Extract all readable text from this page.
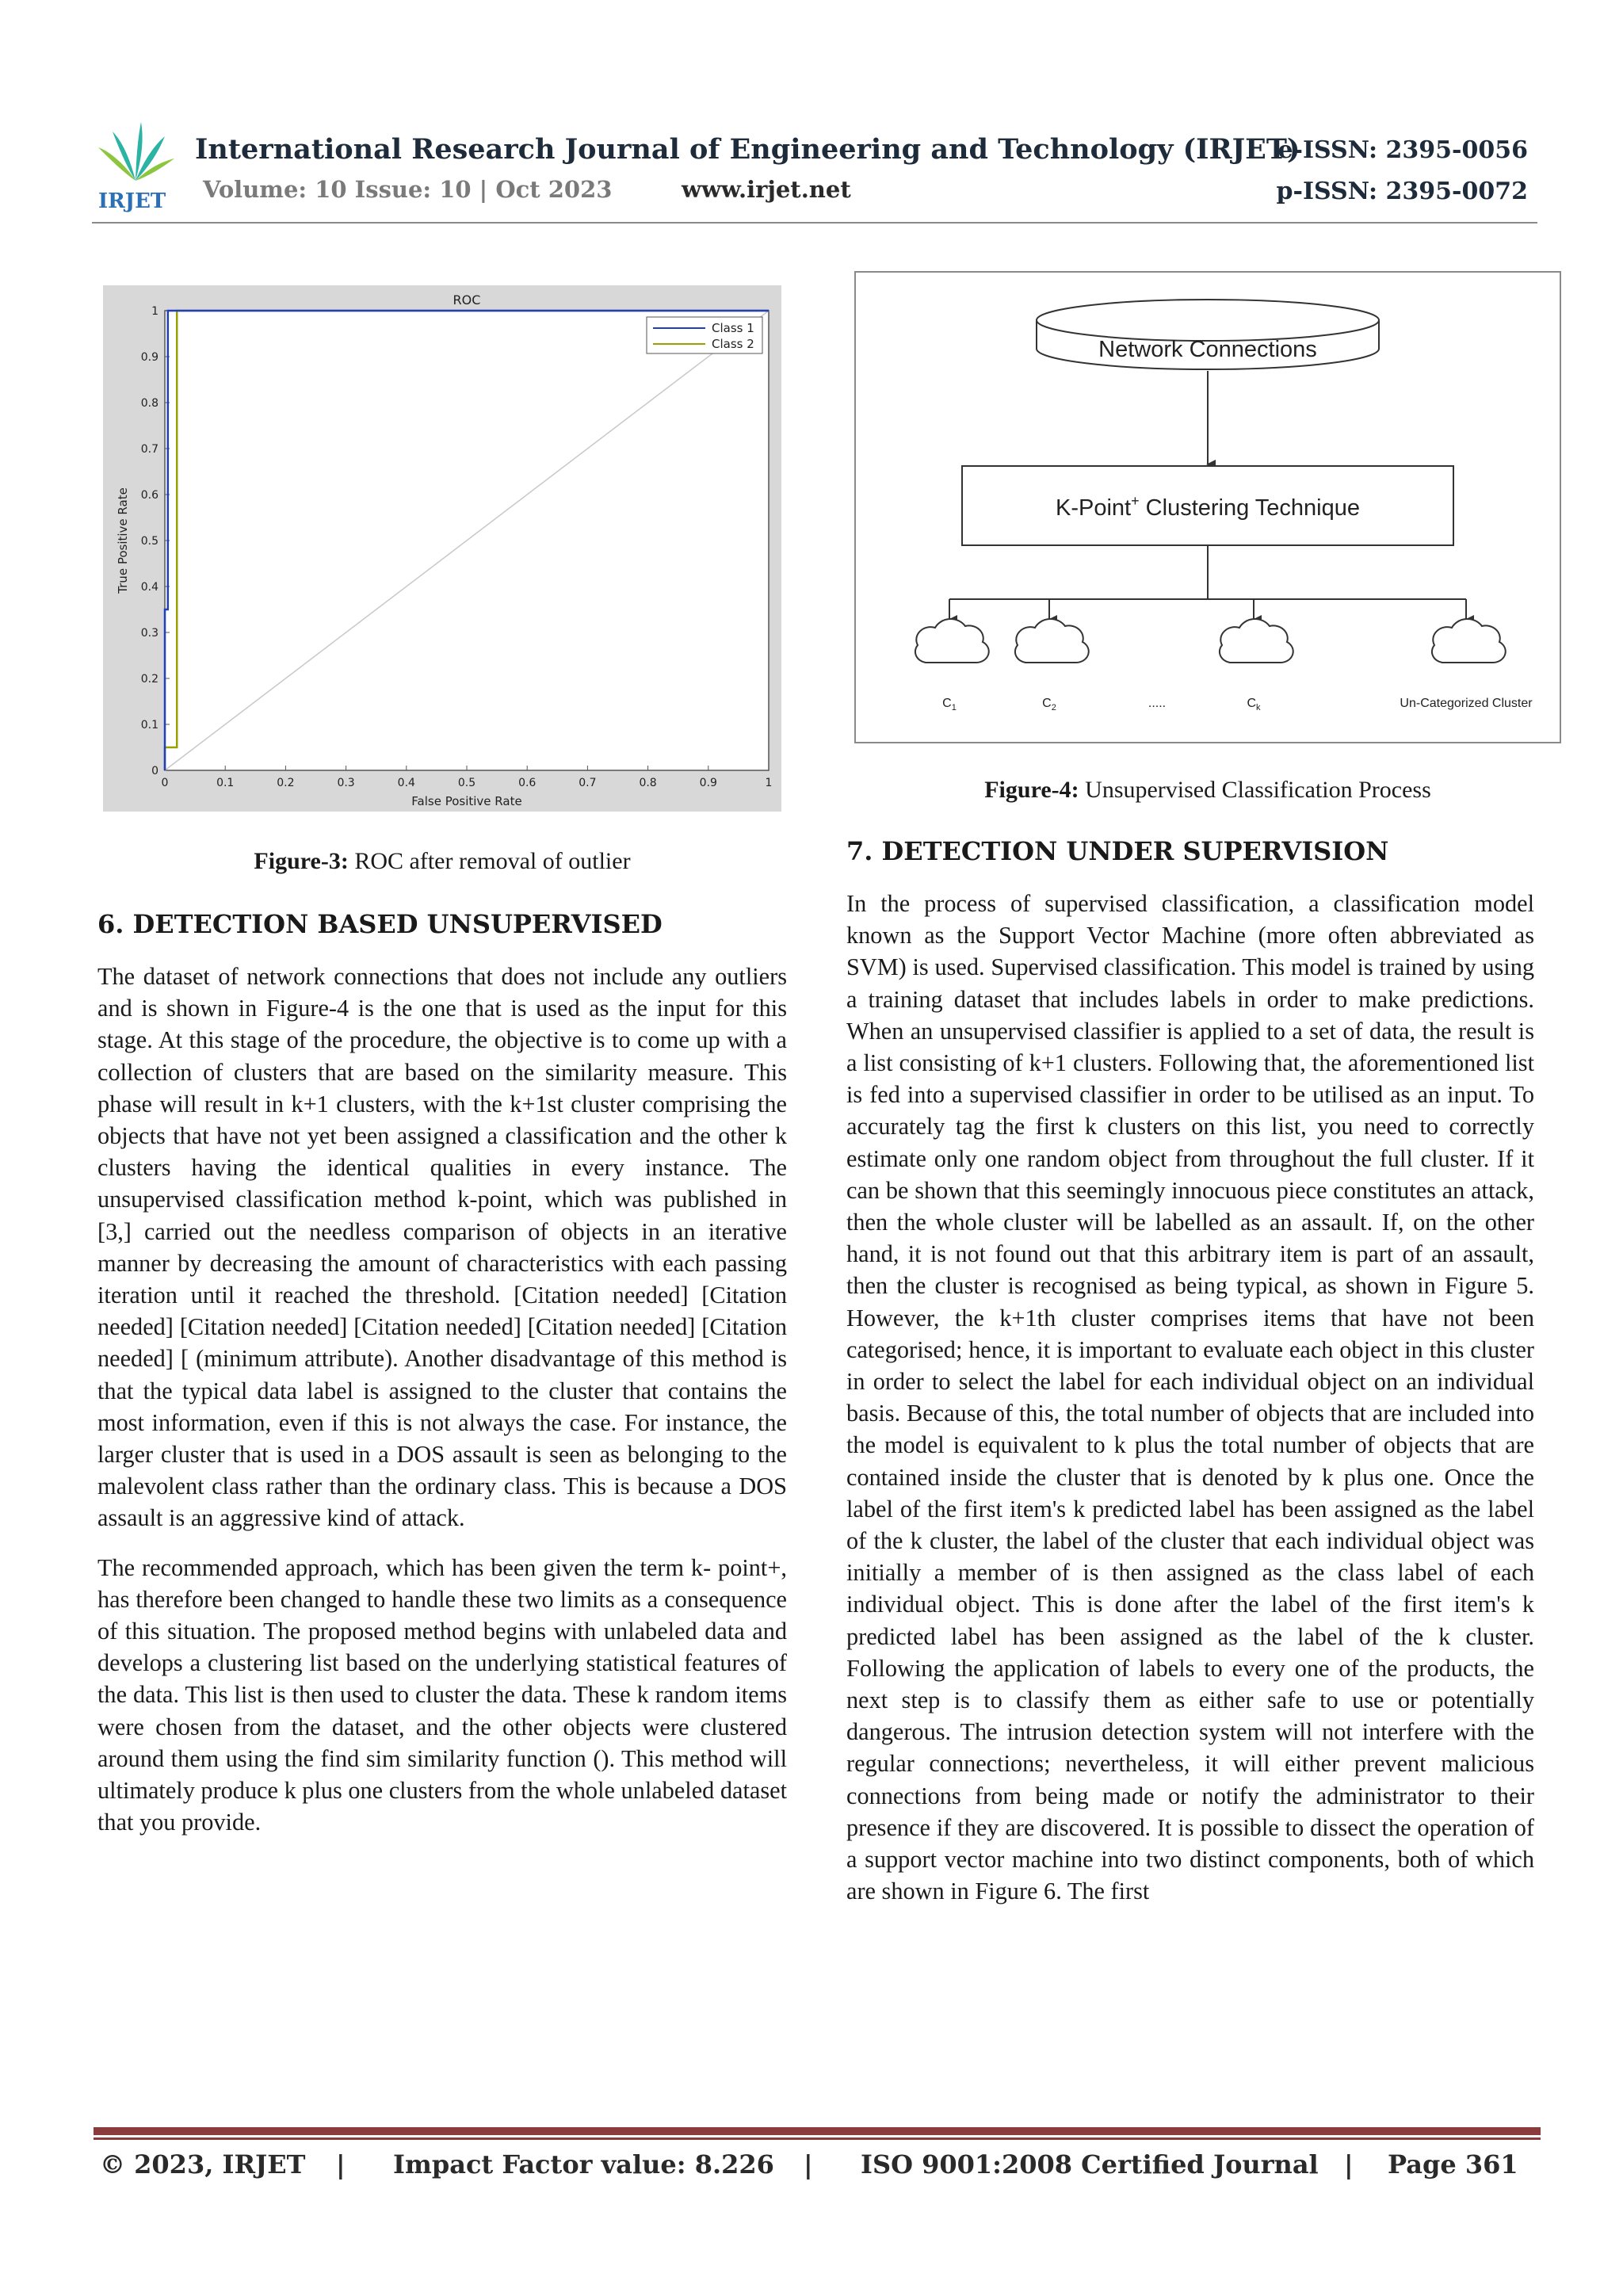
IRJET
International Research Journal of Engineering and Technology (IRJET)
e-ISSN: 2395-0056
Volume: 10 Issue: 10 | Oct 2023	www.irjet.net	p-ISSN: 2395-0072
ROC
0
0.1
0.2
0.3
0.4
0.5
0.6
0.7
0.8
0.9
1
0	0.1	0.2	0.3	0.4	0.5	0.6	0.7	0.8	0.9	1
False Positive Rate
True Positive Rate
Class 1
Class 2
Figure-3: ROC after removal of outlier
Network Connections
K-Point+ Clustering Technique
$C_1$	$C_2$	.....	$C_k$	Un-Categorized Cluster
Figure-4: Unsupervised Classification Process
6. DETECTION BASED UNSUPERVISED

The dataset of network connections that does not include any outliers and is shown in Figure-4 is the one that is used as the input for this stage. At this stage of the procedure, the objective is to come up with a collection of clusters that are based on the similarity measure. This phase will result in k+1 clusters, with the k+1st cluster comprising the objects that have not yet been assigned a classification and the other k clusters having the identical qualities in every instance. The unsupervised classification method k-point, which was published in [3,] carried out the needless comparison of objects in an iterative manner by decreasing the amount of characteristics with each passing iteration until it reached the threshold. [Citation needed] [Citation needed] [Citation needed] [Citation needed] [Citation needed] [Citation needed] [ (minimum attribute). Another disadvantage of this method is that the typical data label is assigned to the cluster that contains the most information, even if this is not always the case. For instance, the larger cluster that is used in a DOS assault is seen as belonging to the malevolent class rather than the ordinary class. This is because a DOS assault is an aggressive kind of attack.

The recommended approach, which has been given the term k- point+, has therefore been changed to handle these two limits as a consequence of this situation. The proposed method begins with unlabeled data and develops a clustering list based on the underlying statistical features of the data. This list is then used to cluster the data. These k random items were chosen from the dataset, and the other objects were clustered around them using the find sim similarity function (). This method will ultimately produce k plus one clusters from the whole unlabeled dataset that you provide.

7. DETECTION UNDER SUPERVISION

In the process of supervised classification, a classification model known as the Support Vector Machine (more often abbreviated as SVM) is used. Supervised classification. This model is trained by using a training dataset that includes labels in order to make predictions. When an unsupervised classifier is applied to a set of data, the result is a list consisting of k+1 clusters. Following that, the aforementioned list is fed into a supervised classifier in order to be utilised as an input. To accurately tag the first k clusters on this list, you need to correctly estimate only one random object from throughout the full cluster. If it can be shown that this seemingly innocuous piece constitutes an attack, then the whole cluster will be labelled as an assault. If, on the other hand, it is not found out that this arbitrary item is part of an assault, then the cluster is recognised as being typical, as shown in Figure 5. However, the k+1th cluster comprises items that have not been categorised; hence, it is important to evaluate each object in this cluster in order to select the label for each individual object on an individual basis. Because of this, the total number of objects that are included into the model is equivalent to k plus the total number of objects that are contained inside the cluster that is denoted by k plus one. Once the label of the first item's k predicted label has been assigned as the label of the k cluster, the label of the cluster that each individual object was initially a member of is then assigned as the class label of each individual object. This is done after the label of the first item's k predicted label has been assigned as the label of the k cluster. Following the application of labels to every one of the products, the next step is to classify them as either safe to use or potentially dangerous. The intrusion detection system will not interfere with the regular connections; nevertheless, it will either prevent malicious connections from being made or notify the administrator to their presence if they are discovered. It is possible to dissect the operation of a support vector machine into two distinct components, both of which are shown in Figure 6. The first

© 2023, IRJET | Impact Factor value: 8.226 | ISO 9001:2008 Certified Journal | Page 361
